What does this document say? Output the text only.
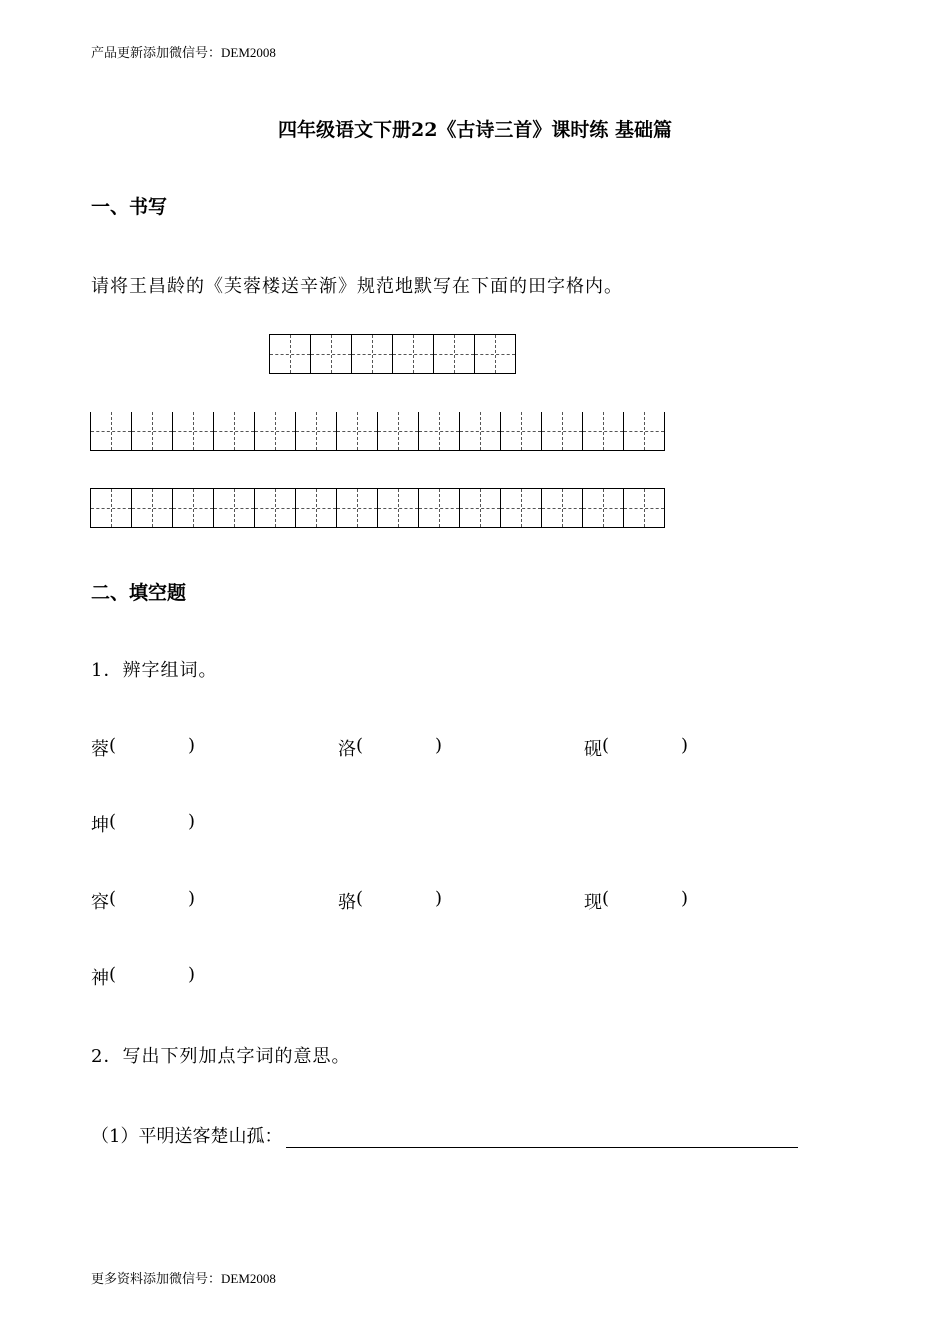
产品更新添加微信号：DEM2008
四年级语文下册22《古诗三首》课时练 基础篇
一、书写
请将王昌龄的《芙蓉楼送辛渐》规范地默写在下面的田字格内。
二、填空题
1．辨字组词。
蓉 (	)	洛 (	)	砚 (	)
坤 (	)
容 (	)	骆 (	)	现 (	)
神 (	)
2．写出下列加点字词的意思。
（1）平明送客楚山孤：
更多资料添加微信号：DEM2008
